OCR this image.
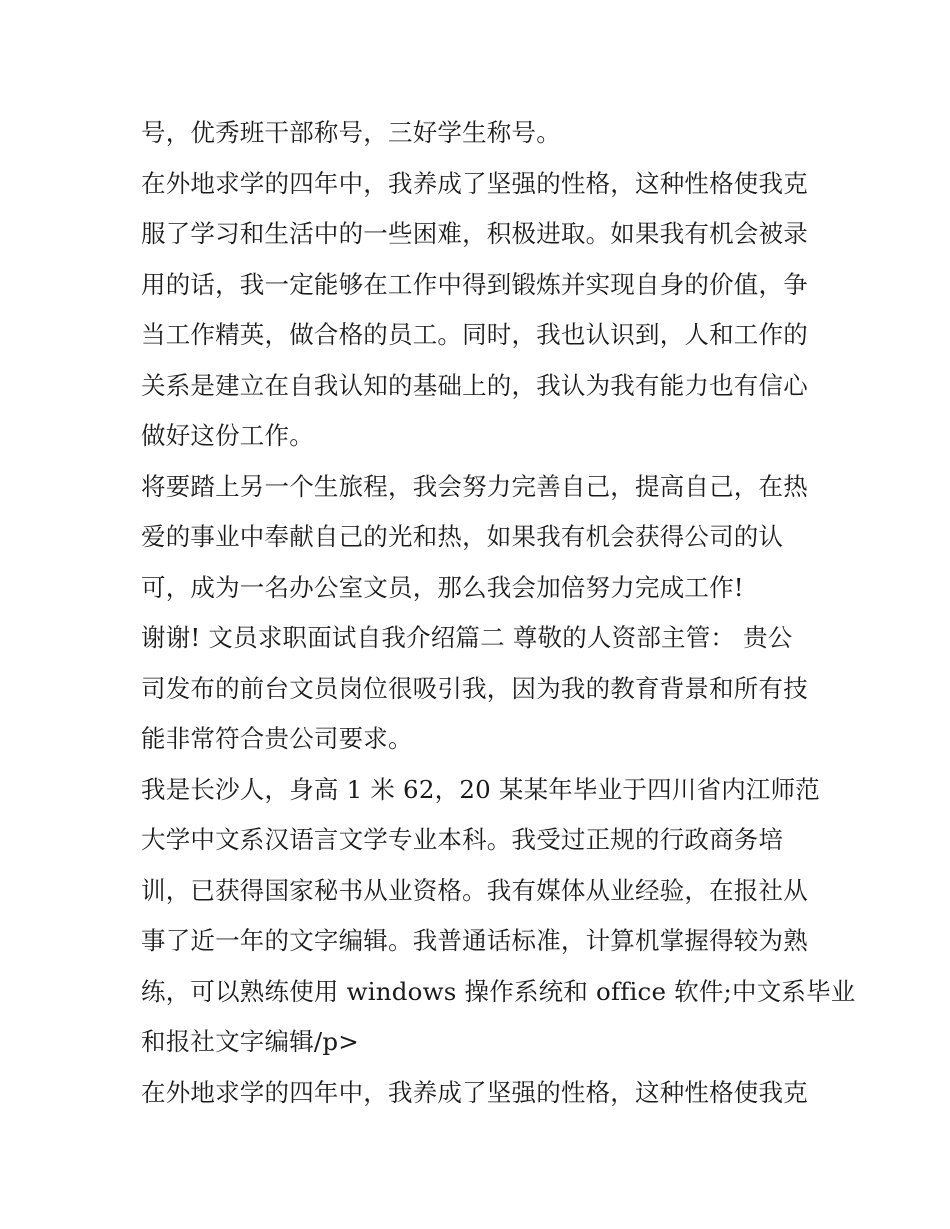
号，优秀班干部称号，三好学生称号。
在外地求学的四年中，我养成了坚强的性格，这种性格使我克
服了学习和生活中的一些困难，积极进取。如果我有机会被录
用的话，我一定能够在工作中得到锻炼并实现自身的价值，争
当工作精英，做合格的员工。同时，我也认识到，人和工作的
关系是建立在自我认知的基础上的，我认为我有能力也有信心
做好这份工作。
将要踏上另一个生旅程，我会努力完善自己，提高自己，在热
爱的事业中奉献自己的光和热，如果我有机会获得公司的认
可，成为一名办公室文员，那么我会加倍努力完成工作!
谢谢! 文员求职面试自我介绍篇二 尊敬的人资部主管： 贵公
司发布的前台文员岗位很吸引我，因为我的教育背景和所有技
能非常符合贵公司要求。
我是长沙人，身高 1 米 62，20 某某年毕业于四川省内江师范
大学中文系汉语言文学专业本科。我受过正规的行政商务培
训，已获得国家秘书从业资格。我有媒体从业经验，在报社从
事了近一年的文字编辑。我普通话标准，计算机掌握得较为熟
练，可以熟练使用 windows 操作系统和 office 软件;中文系毕业
和报社文字编辑/p>
在外地求学的四年中，我养成了坚强的性格，这种性格使我克
